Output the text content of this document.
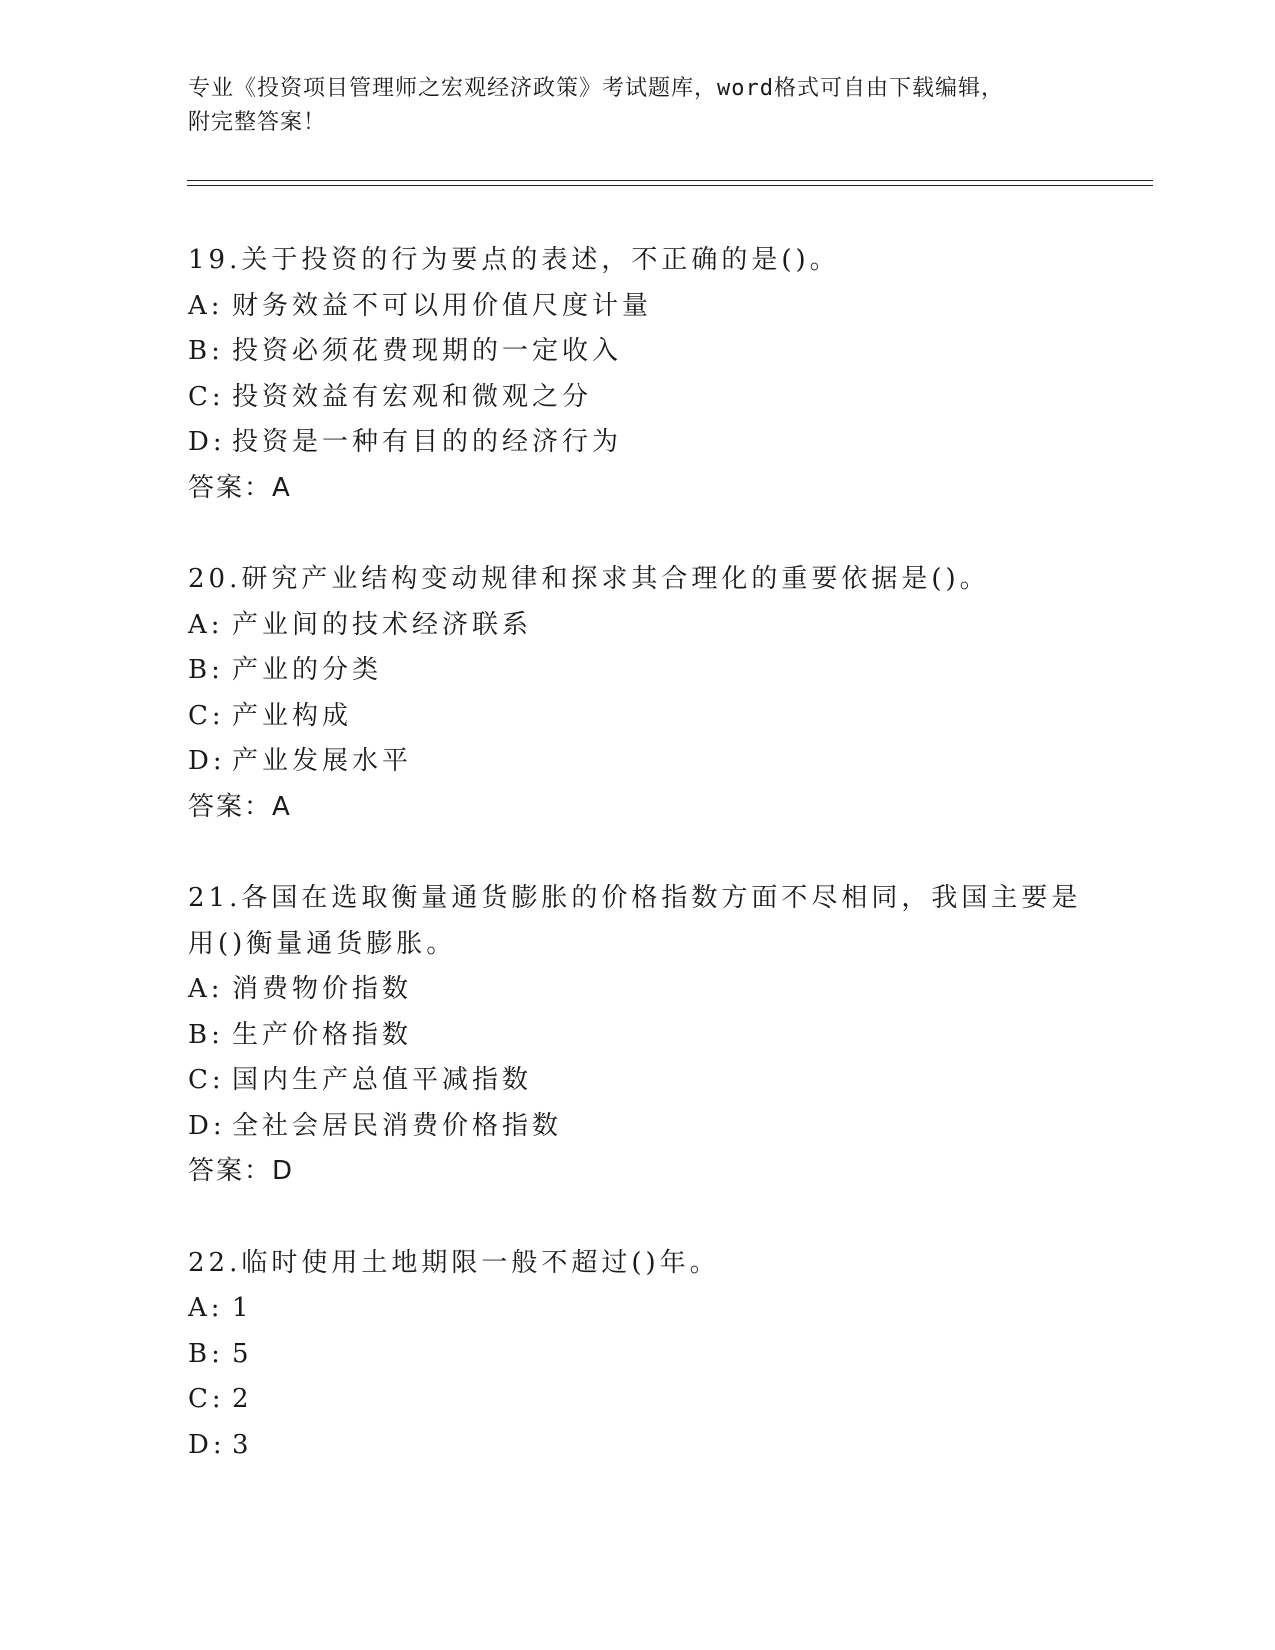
专业《投资项目管理师之宏观经济政策》考试题库，word格式可自由下载编辑，
附完整答案！
19.关于投资的行为要点的表述，不正确的是()。
A: 财务效益不可以用价值尺度计量
B: 投资必须花费现期的一定收入
C: 投资效益有宏观和微观之分
D: 投资是一种有目的的经济行为
答案：A
20.研究产业结构变动规律和探求其合理化的重要依据是()。
A: 产业间的技术经济联系
B: 产业的分类
C: 产业构成
D: 产业发展水平
答案：A
21.各国在选取衡量通货膨胀的价格指数方面不尽相同，我国主要是用()衡量通货膨胀。
A: 消费物价指数
B: 生产价格指数
C: 国内生产总值平减指数
D: 全社会居民消费价格指数
答案：D
22.临时使用土地期限一般不超过()年。
A: 1
B: 5
C: 2
D: 3
